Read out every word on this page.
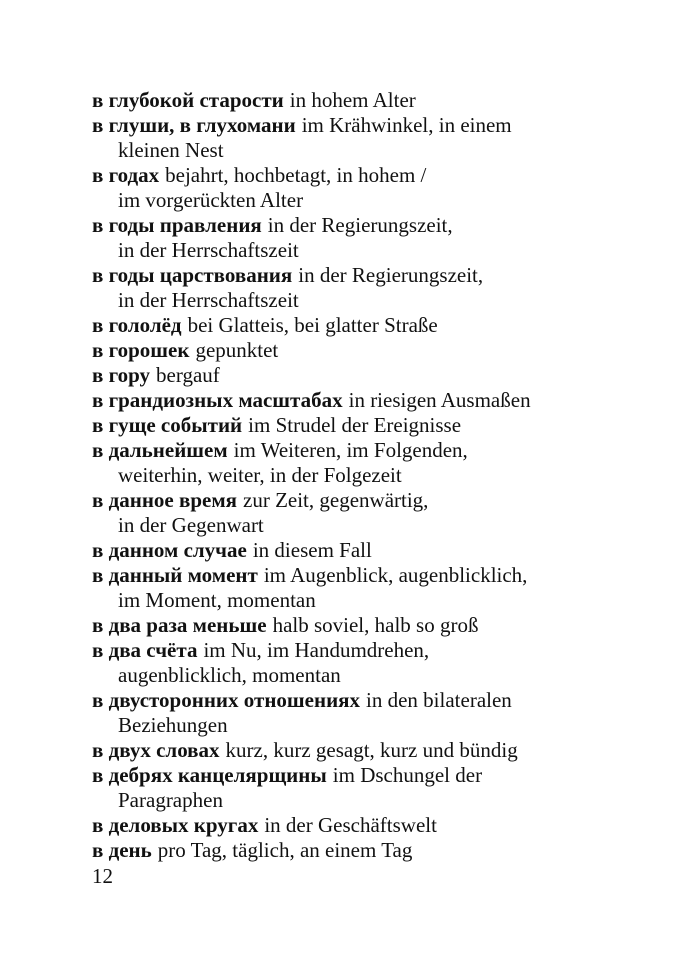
в глубокой старости in hohem Alter

в глуши, в глухомани im Krähwinkel, in einem
kleinen Nest

в годах bejahrt, hochbetagt, in hohem /
im vorgerückten Alter

в годы правления in der Regierungszeit,
in der Herrschaftszeit

в годы царствования in der Regierungszeit,
in der Herrschaftszeit

в гололёд bei Glatteis, bei glatter Straße

в горошек gepunktet

в гору bergauf

в грандиозных масштабах in riesigen Ausmaßen

в гуще событий im Strudel der Ereignisse

в дальнейшем im Weiteren, im Folgenden,
weiterhin, weiter, in der Folgezeit

в данное время zur Zeit, gegenwärtig,
in der Gegenwart

в данном случае in diesem Fall

в данный момент im Augenblick, augenblicklich,
im Moment, momentan

в два раза меньше halb soviel, halb so groß

в два счёта im Nu, im Handumdrehen,
augenblicklich, momentan

в двусторонних отношениях in den bilateralen
Beziehungen

в двух словах kurz, kurz gesagt, kurz und bündig

в дебрях канцелярщины im Dschungel der
Paragraphen

в деловых кругах in der Geschäftswelt

в день pro Tag, täglich, an einem Tag

12
